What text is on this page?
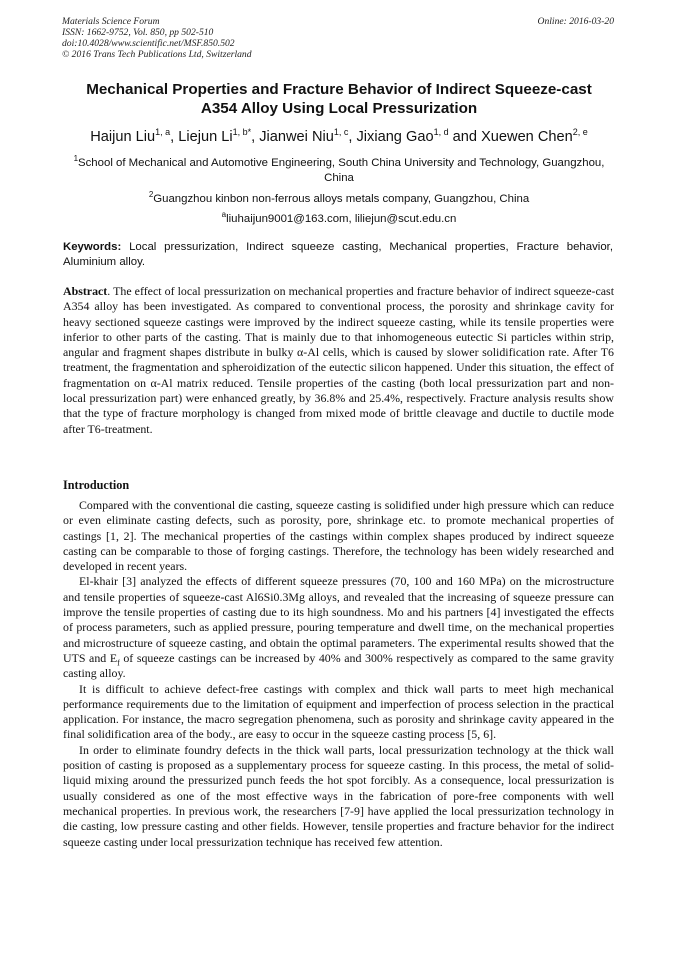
Materials Science Forum
ISSN: 1662-9752, Vol. 850, pp 502-510
doi:10.4028/www.scientific.net/MSF.850.502
© 2016 Trans Tech Publications Ltd, Switzerland
Online: 2016-03-20
Mechanical Properties and Fracture Behavior of Indirect Squeeze-cast
A354 Alloy Using Local Pressurization
Haijun Liu$^{1, a}$, Liejun $Li^{1, b*}$, Jianwei Niu$^{1, c}$, Jixiang Gao$^{1, d}$ and Xuewen Chen$^{2, e}$
$^1$School of Mechanical and Automotive Engineering, South China University and Technology, Guangzhou, China
$^2$Guangzhou kinbon non-ferrous alloys metals company, Guangzhou, China
$^a$liuhaijun9001@163.com, liliejun@scut.edu.cn
Keywords: Local pressurization, Indirect squeeze casting, Mechanical properties, Fracture behavior, Aluminium alloy.
Abstract. The effect of local pressurization on mechanical properties and fracture behavior of indirect squeeze-cast A354 alloy has been investigated. As compared to conventional process, the porosity and shrinkage cavity for heavy sectioned squeeze castings were improved by the indirect squeeze casting, while its tensile properties were inferior to other parts of the casting. That is mainly due to that inhomogeneous eutectic Si particles within strip, angular and fragment shapes distribute in bulky α-Al cells, which is caused by slower solidification rate. After T6 treatment, the fragmentation and spheroidization of the eutectic silicon happened. Under this situation, the effect of fragmentation on α-Al matrix reduced. Tensile properties of the casting (both local pressurization part and non-local pressurization part) were enhanced greatly, by 36.8% and 25.4%, respectively. Fracture analysis results show that the type of fracture morphology is changed from mixed mode of brittle cleavage and ductile to ductile mode after T6-treatment.
Introduction

Compared with the conventional die casting, squeeze casting is solidified under high pressure which can reduce or even eliminate casting defects, such as porosity, pore, shrinkage etc. to promote mechanical properties of castings [1, 2]. The mechanical properties of the castings within complex shapes produced by indirect squeeze casting can be comparable to those of forging castings. Therefore, the technology has been widely researched and developed in recent years.

El-khair [3] analyzed the effects of different squeeze pressures (70, 100 and 160 MPa) on the microstructure and tensile properties of squeeze-cast Al6Si0.3Mg alloys, and revealed that the increasing of squeeze pressure can improve the tensile properties of casting due to its high soundness. Mo and his partners [4] investigated the effects of process parameters, such as applied pressure, pouring temperature and dwell time, on the mechanical properties and microstructure of squeeze casting, and obtain the optimal parameters. The experimental results showed that the UTS and $E_f$ of squeeze castings can be increased by 40% and 300% respectively as compared to the same gravity casting alloy.

It is difficult to achieve defect-free castings with complex and thick wall parts to meet high mechanical performance requirements due to the limitation of equipment and imperfection of process selection in the practical application. For instance, the macro segregation phenomena, such as porosity and shrinkage cavity appeared in the final solidification area of the body., are easy to occur in the squeeze casting process [5, 6].

In order to eliminate foundry defects in the thick wall parts, local pressurization technology at the thick wall position of casting is proposed as a supplementary process for squeeze casting. In this process, the metal of solid-liquid mixing around the pressurized punch feeds the hot spot forcibly. As a consequence, local pressurization is usually considered as one of the most effective ways in the fabrication of pore-free components with well mechanical properties. In previous work, the researchers [7-9] have applied the local pressurization technology in die casting, low pressure casting and other fields. However, tensile properties and fracture behavior for the indirect squeeze casting under local pressurization technique has received few attention.
